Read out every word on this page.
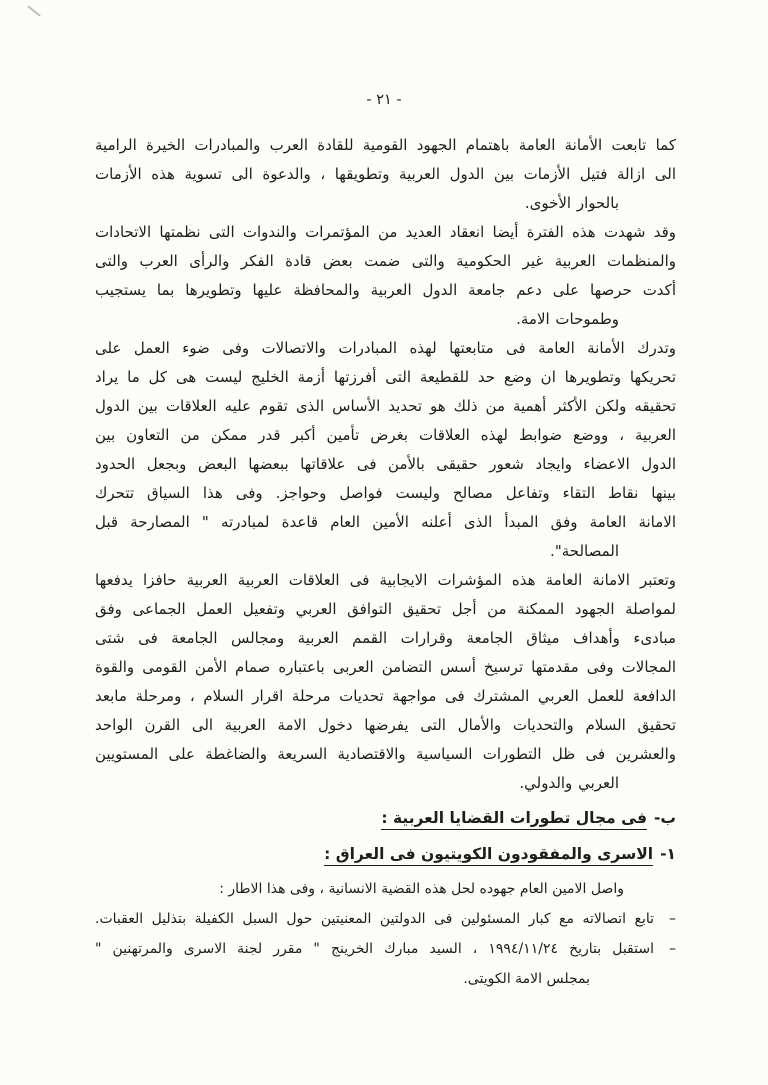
- ٢١ -
كما تابعت الأمانة العامة باهتمام الجهود القومية للقادة العرب والمبادرات الخيرة الرامية
الى ازالة فتيل الأزمات بين الدول العربية وتطويقها ، والدعوة الى تسوية هذه الأزمات
بالحوار الأخوى.
وقد شهدت هذه الفترة أيضا انعقاد العديد من المؤتمرات والندوات التى نظمتها الاتحادات
والمنظمات العربية غير الحكومية والتى ضمت بعض قادة الفكر والرأى العرب والتى
أكدت حرصها على دعم جامعة الدول العربية والمحافظة عليها وتطويرها بما يستجيب
وطموحات الامة.
وتدرك الأمانة العامة فى متابعتها لهذه المبادرات والاتصالات وفى ضوء العمل على
تحريكها وتطويرها ان وضع حد للقطيعة التى أفرزتها أزمة الخليج ليست هى كل ما يراد
تحقيقه ولكن الأكثر أهمية من ذلك هو تحديد الأساس الذى تقوم عليه العلاقات بين الدول
العربية ، ووضع ضوابط لهذه العلاقات بغرض تأمين أكبر قدر ممكن من التعاون بين
الدول الاعضاء وايجاد شعور حقيقى بالأمن فى علاقاتها ببعضها البعض وبجعل الحدود
بينها نقاط التقاء وتفاعل مصالح وليست فواصل وحواجز. وفى هذا السياق تتحرك
الامانة العامة وفق المبدأ الذى أعلنه الأمين العام قاعدة لمبادرته " المصارحة قبل
المصالحة".
وتعتبر الامانة العامة هذه المؤشرات الايجابية فى العلاقات العربية العربية حافزا يدفعها
لمواصلة الجهود الممكنة من أجل تحقيق التوافق العربي وتفعيل العمل الجماعى وفق
مبادىء وأهداف ميثاق الجامعة وقرارات القمم العربية ومجالس الجامعة فى شتى
المجالات وفى مقدمتها ترسيخ أسس التضامن العربى باعتباره صمام الأمن القومى والقوة
الدافعة للعمل العربي المشترك فى مواجهة تحديات مرحلة اقرار السلام ، ومرحلة مابعد
تحقيق السلام والتحديات والأمال التى يفرضها دخول الامة العربية الى القرن الواحد
والعشرين فى ظل التطورات السياسية والاقتصادية السريعة والضاغطة على المستويين
العربي والدولي.
ب-فى مجال تطورات القضايا العربية :
١-الاسرى والمفقودون الكويتيون فى العراق :
واصل الامين العام جهوده لحل هذه القضية الانسانية ، وفى هذا الاطار :
–
تابع اتصالاته مع كبار المسئولين فى الدولتين المعنيتين حول السبل الكفيلة بتذليل العقبات.
–
استقبل بتاريخ ١٩٩٤/١١/٢٤ ، السيد مبارك الخرينج " مقرر لجنة الاسرى والمرتهنين "
بمجلس الامة الكويتى.
